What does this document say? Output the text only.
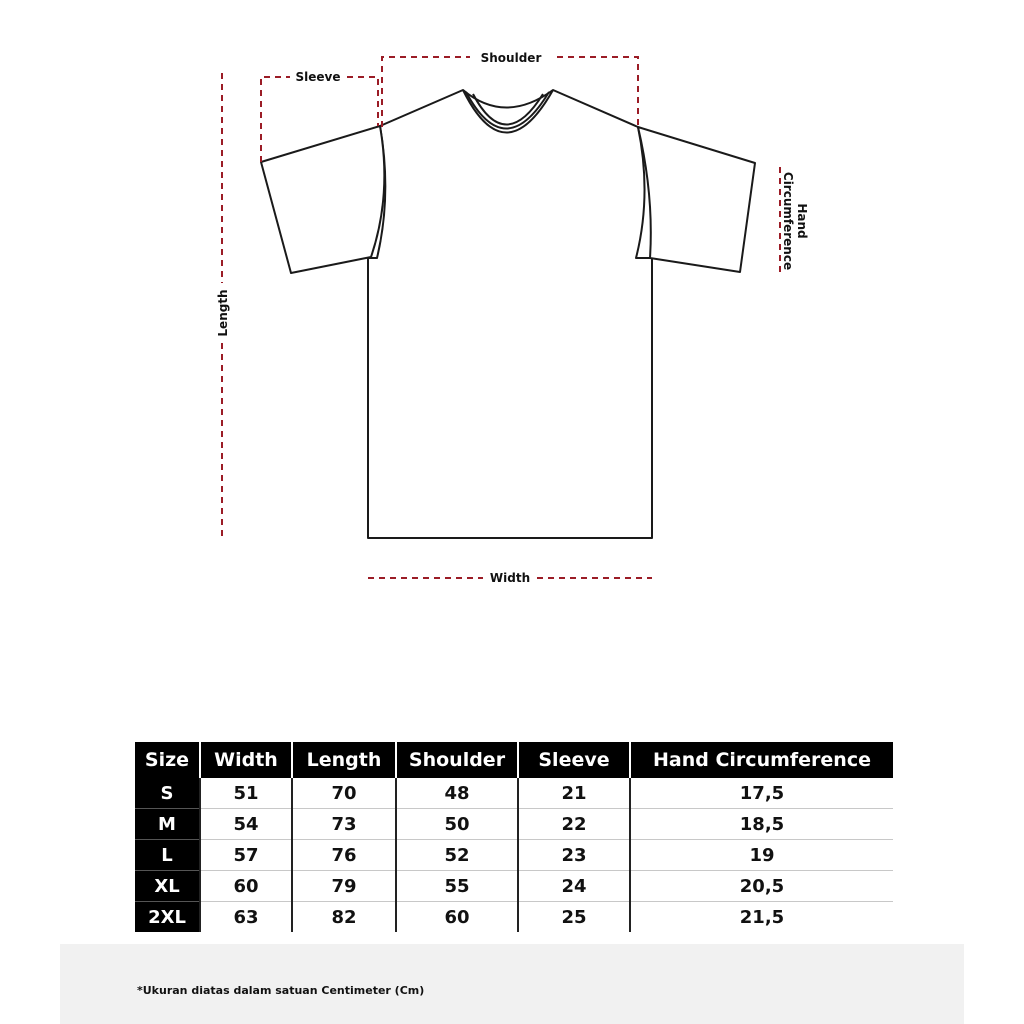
Shoulder
Sleeve
Length
Width
Hand
Circumference
Size	Width	Length	Shoulder	Sleeve	Hand Circumference
S	51	70	48	21	17,5
M	54	73	50	22	18,5
L	57	76	52	23	19
XL	60	79	55	24	20,5
2XL	63	82	60	25	21,5
*Ukuran diatas dalam satuan Centimeter (Cm)
